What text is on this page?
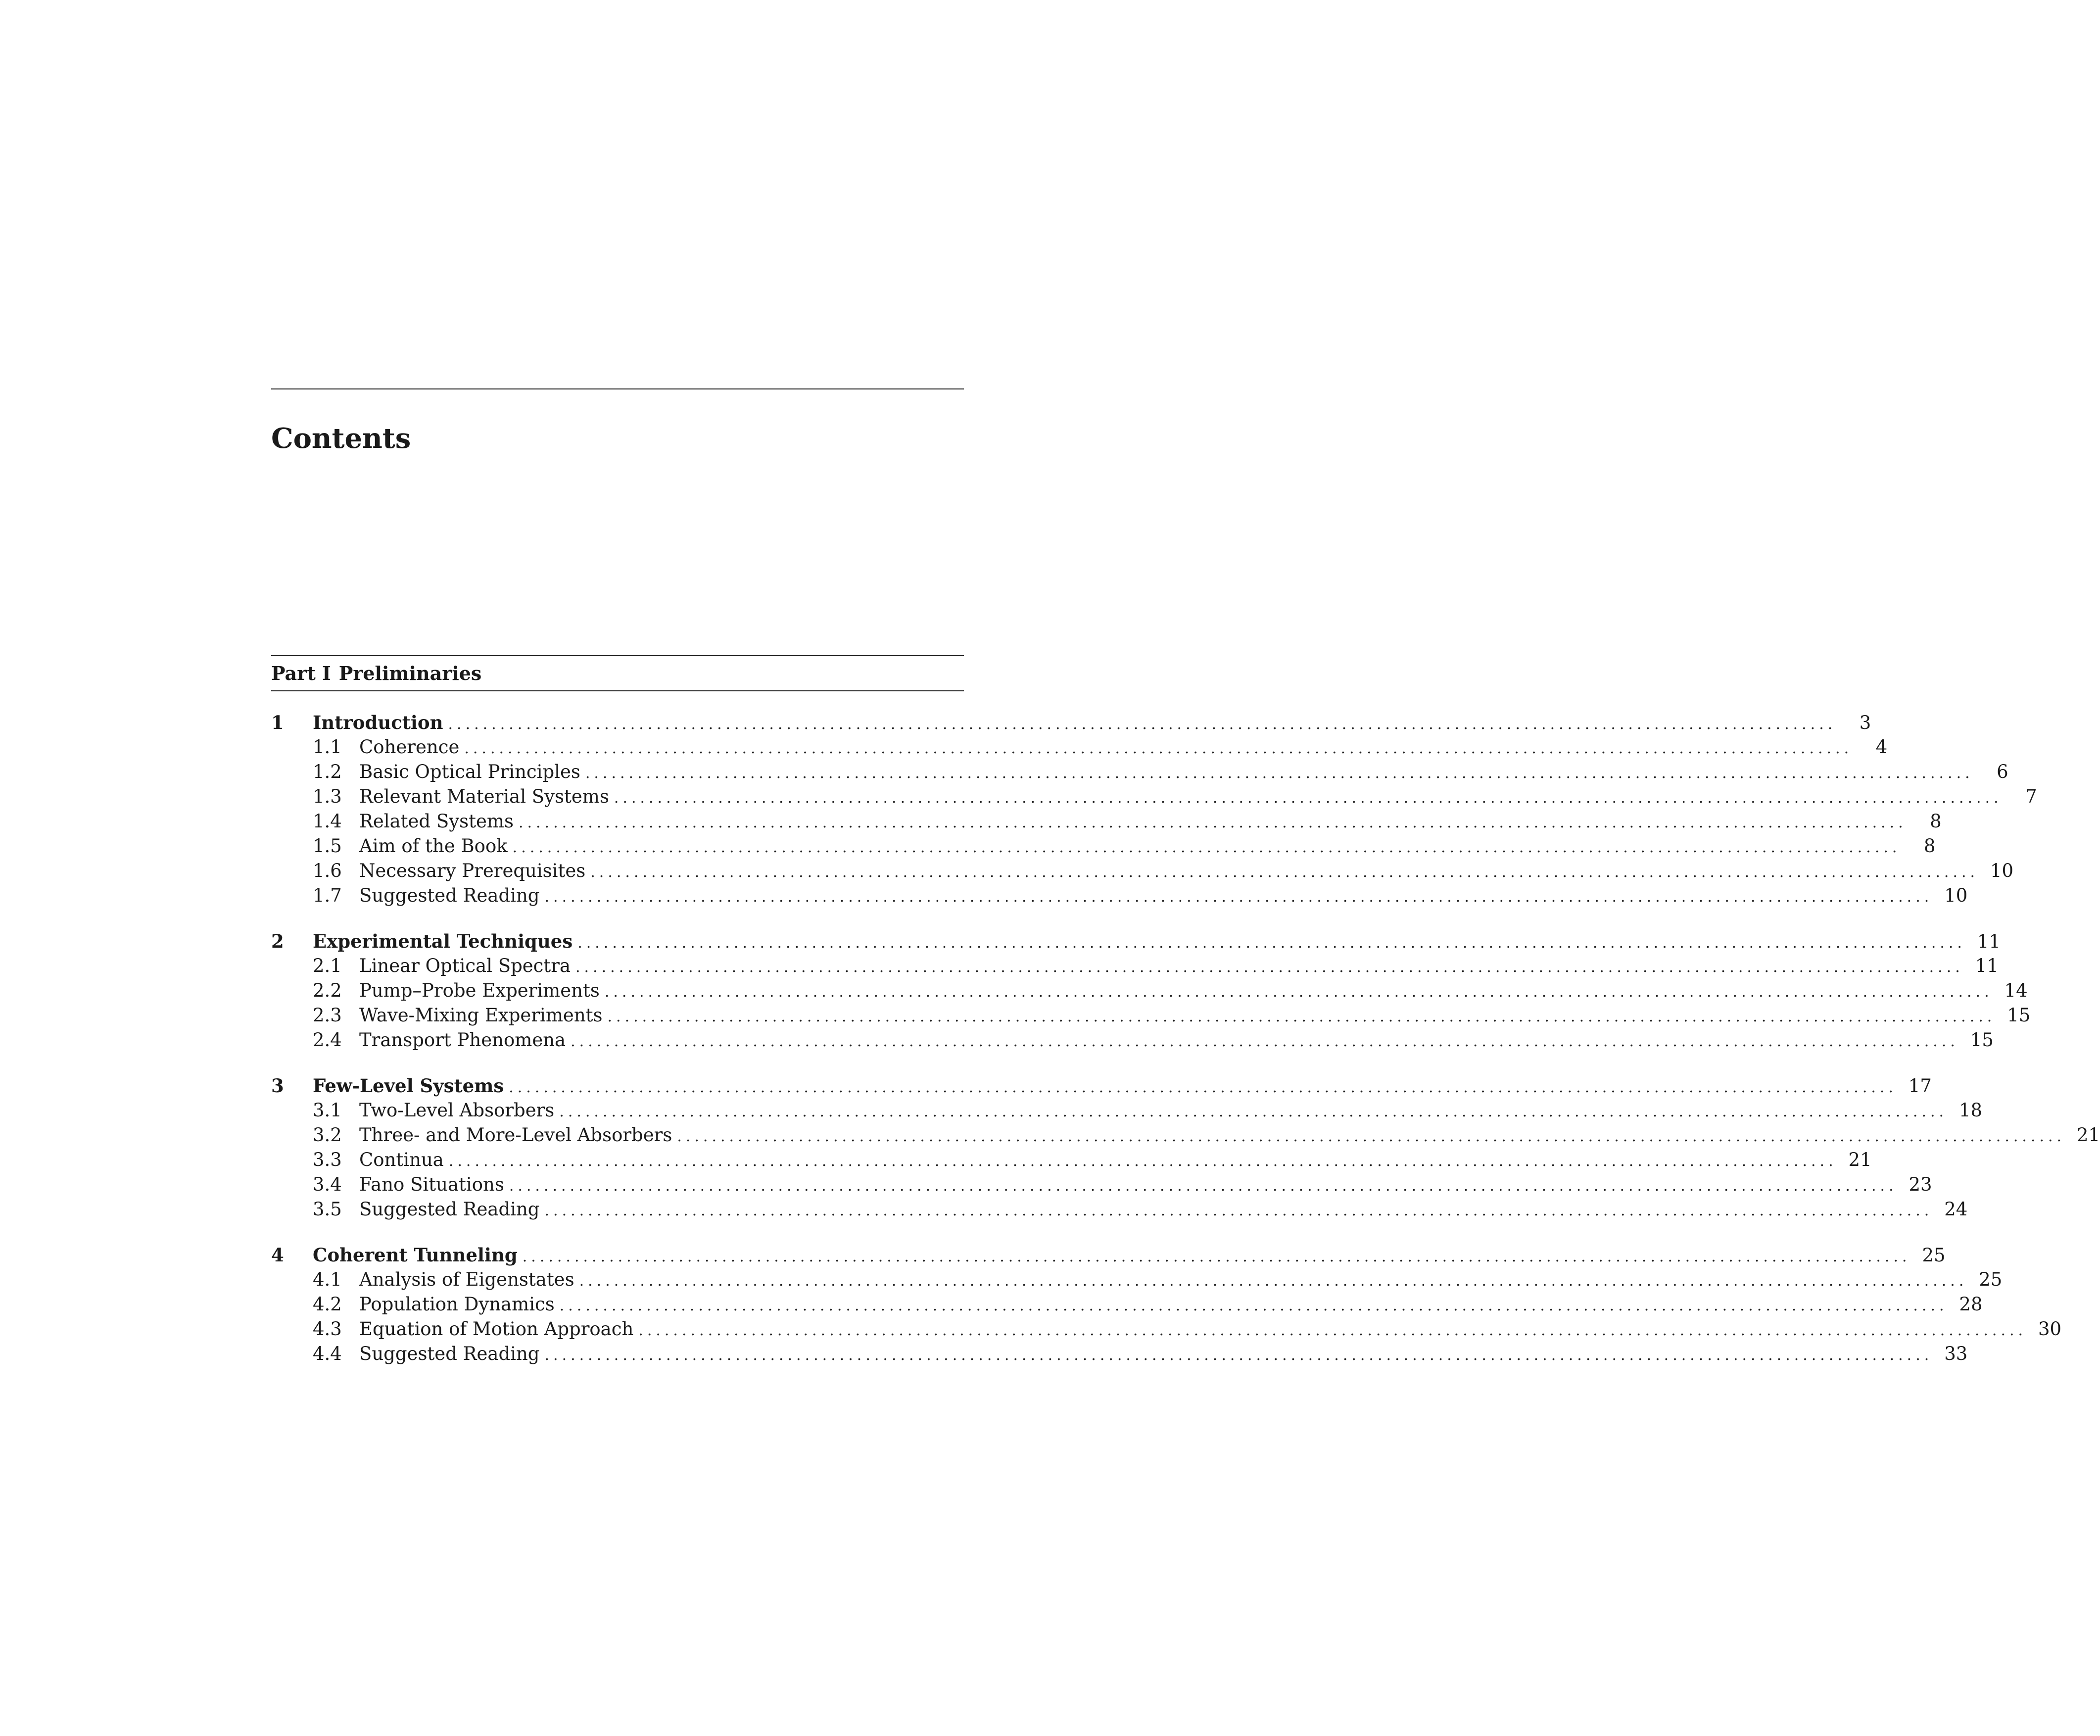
Contents
Part I Preliminaries
1	Introduction ................................................................................................................................................................	3
1.1 Coherence ................................................................................................................................................................	4
1.2 Basic Optical Principles ................................................................................................................................................................	6
1.3 Relevant Material Systems ................................................................................................................................................................	7
1.4 Related Systems ................................................................................................................................................................	8
1.5 Aim of the Book ................................................................................................................................................................	8
1.6 Necessary Prerequisites ................................................................................................................................................................ 10
1.7 Suggested Reading ................................................................................................................................................................ 10
2	Experimental Techniques ................................................................................................................................................................ 11
2.1 Linear Optical Spectra ................................................................................................................................................................ 11
2.2 Pump–Probe Experiments ................................................................................................................................................................ 14
2.3 Wave-Mixing Experiments ................................................................................................................................................................ 15
2.4 Transport Phenomena ................................................................................................................................................................ 15
3	Few-Level Systems ................................................................................................................................................................ 17
3.1 Two-Level Absorbers ................................................................................................................................................................ 18
3.2 Three- and More-Level Absorbers ................................................................................................................................................................ 21
3.3 Continua ................................................................................................................................................................ 21
3.4 Fano Situations ................................................................................................................................................................ 23
3.5 Suggested Reading ................................................................................................................................................................ 24
4	Coherent Tunneling ................................................................................................................................................................ 25
4.1 Analysis of Eigenstates ................................................................................................................................................................ 25
4.2 Population Dynamics ................................................................................................................................................................ 28
4.3 Equation of Motion Approach ................................................................................................................................................................ 30
4.4 Suggested Reading ................................................................................................................................................................ 33
